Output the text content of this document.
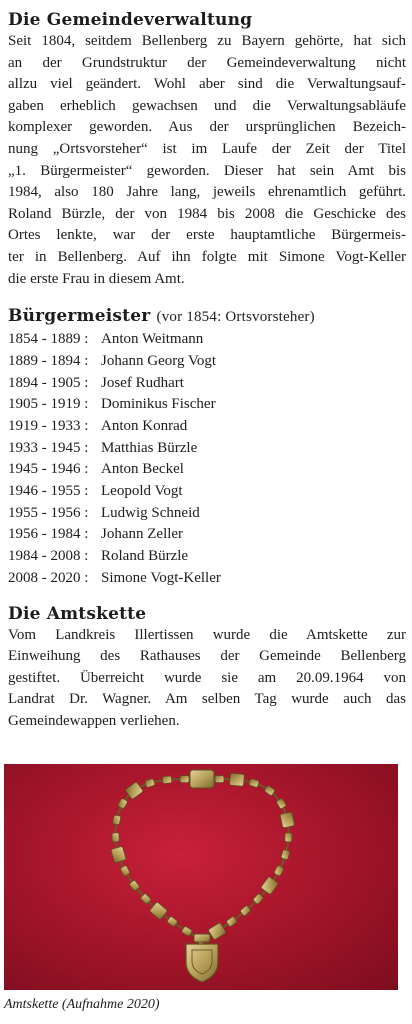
Die Gemeindeverwaltung

Seit 1804, seitdem Bellenberg zu Bayern gehörte, hat sich
an der Grundstruktur der Gemeindeverwaltung nicht
allzu viel geändert. Wohl aber sind die Verwaltungsauf-
gaben erheblich gewachsen und die Verwaltungsabläufe
komplexer geworden. Aus der ursprünglichen Bezeich-
nung „Ortsvorsteher“ ist im Laufe der Zeit der Titel
„1. Bürgermeister“ geworden. Dieser hat sein Amt bis
1984, also 180 Jahre lang, jeweils ehrenamtlich geführt.
Roland Bürzle, der von 1984 bis 2008 die Geschicke des
Ortes lenkte, war der erste hauptamtliche Bürgermeis-
ter in Bellenberg. Auf ihn folgte mit Simone Vogt-Keller
die erste Frau in diesem Amt.

Bürgermeister (vor 1854: Ortsvorsteher)
1854 - 1889 : Anton Weitmann
1889 - 1894 : Johann Georg Vogt
1894 - 1905 : Josef Rudhart
1905 - 1919 : Dominikus Fischer
1919 - 1933 : Anton Konrad
1933 - 1945 : Matthias Bürzle
1945 - 1946 : Anton Beckel
1946 - 1955 : Leopold Vogt
1955 - 1956 : Ludwig Schneid
1956 - 1984 : Johann Zeller
1984 - 2008 : Roland Bürzle
2008 - 2020 : Simone Vogt-Keller
Die Amtskette

Vom Landkreis Illertissen wurde die Amtskette zur
Einweihung des Rathauses der Gemeinde Bellenberg
gestiftet. Überreicht wurde sie am 20.09.1964 von
Landrat Dr. Wagner. Am selben Tag wurde auch das
Gemeindewappen verliehen.

Amtskette (Aufnahme 2020)
